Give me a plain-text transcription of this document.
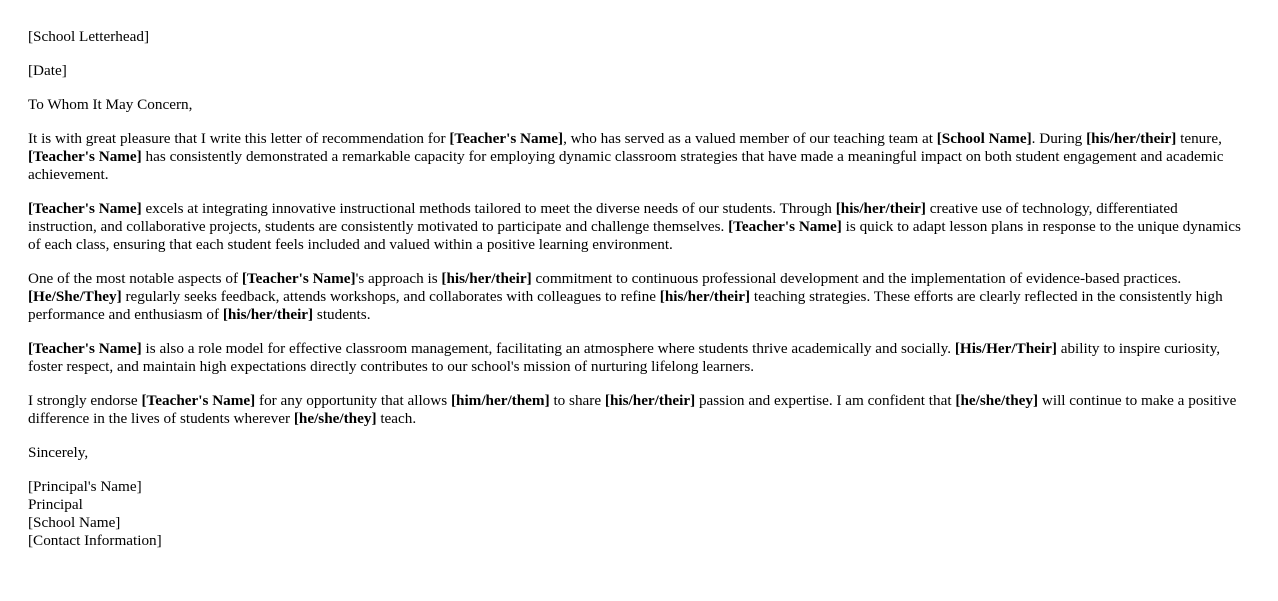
[School Letterhead]

[Date]

To Whom It May Concern,

It is with great pleasure that I write this letter of recommendation for [Teacher's Name], who has served as a valued member of our teaching team at [School Name]. During [his/her/their] tenure, [Teacher's Name] has consistently demonstrated a remarkable capacity for employing dynamic classroom strategies that have made a meaningful impact on both student engagement and academic achievement.

[Teacher's Name] excels at integrating innovative instructional methods tailored to meet the diverse needs of our students. Through [his/her/their] creative use of technology, differentiated instruction, and collaborative projects, students are consistently motivated to participate and challenge themselves. [Teacher's Name] is quick to adapt lesson plans in response to the unique dynamics of each class, ensuring that each student feels included and valued within a positive learning environment.

One of the most notable aspects of [Teacher's Name]'s approach is [his/her/their] commitment to continuous professional development and the implementation of evidence-based practices. [He/She/They] regularly seeks feedback, attends workshops, and collaborates with colleagues to refine [his/her/their] teaching strategies. These efforts are clearly reflected in the consistently high performance and enthusiasm of [his/her/their] students.

[Teacher's Name] is also a role model for effective classroom management, facilitating an atmosphere where students thrive academically and socially. [His/Her/Their] ability to inspire curiosity, foster respect, and maintain high expectations directly contributes to our school's mission of nurturing lifelong learners.

I strongly endorse [Teacher's Name] for any opportunity that allows [him/her/them] to share [his/her/their] passion and expertise. I am confident that [he/she/they] will continue to make a positive difference in the lives of students wherever [he/she/they] teach.

Sincerely,

[Principal's Name]
Principal
[School Name]
[Contact Information]
